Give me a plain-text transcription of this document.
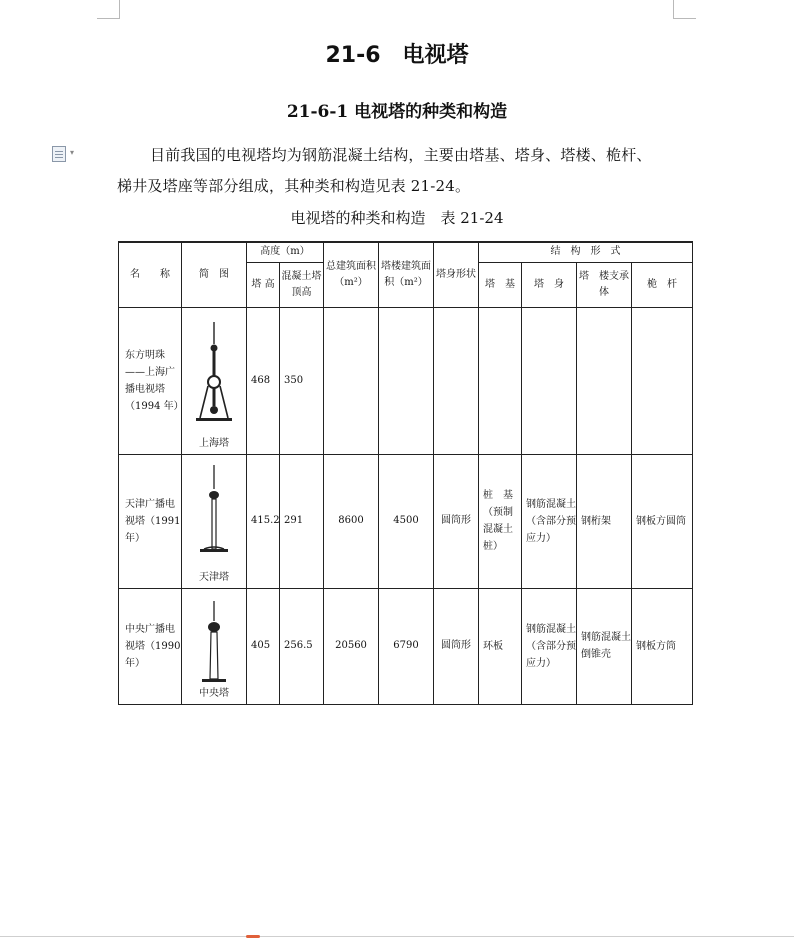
21-6　电视塔
21-6-1 电视塔的种类和构造
▾	目前我国的电视塔均为钢筋混凝土结构，主要由塔基、塔身、塔楼、桅杆、
梯井及塔座等部分组成，其种类和构造见表 21-24。
电视塔的种类和构造　表 21-24
名　　称	简　图	高度（m）		总建筑面积（m²）	塔楼建筑面积（m²）	塔身形状	结　构　形　式			
		塔 高	混凝土塔顶高				塔　基	塔　身	塔　楼支承体	桅　杆
东方明珠——上海广播电视塔（1994 年）	上海塔	468	350							
天津广播电视塔（1991 年）	天津塔	415.2	291	8600	4500	圆筒形	桩　基（预制混凝土桩）	钢筋混凝土（含部分预应力）	钢桁架	钢板方圆筒
中央广播电视塔（1990 年）	中央塔	405	256.5	20560	6790	圆筒形	环板	钢筋混凝土（含部分预应力）	钢筋混凝土倒锥壳	钢板方筒
